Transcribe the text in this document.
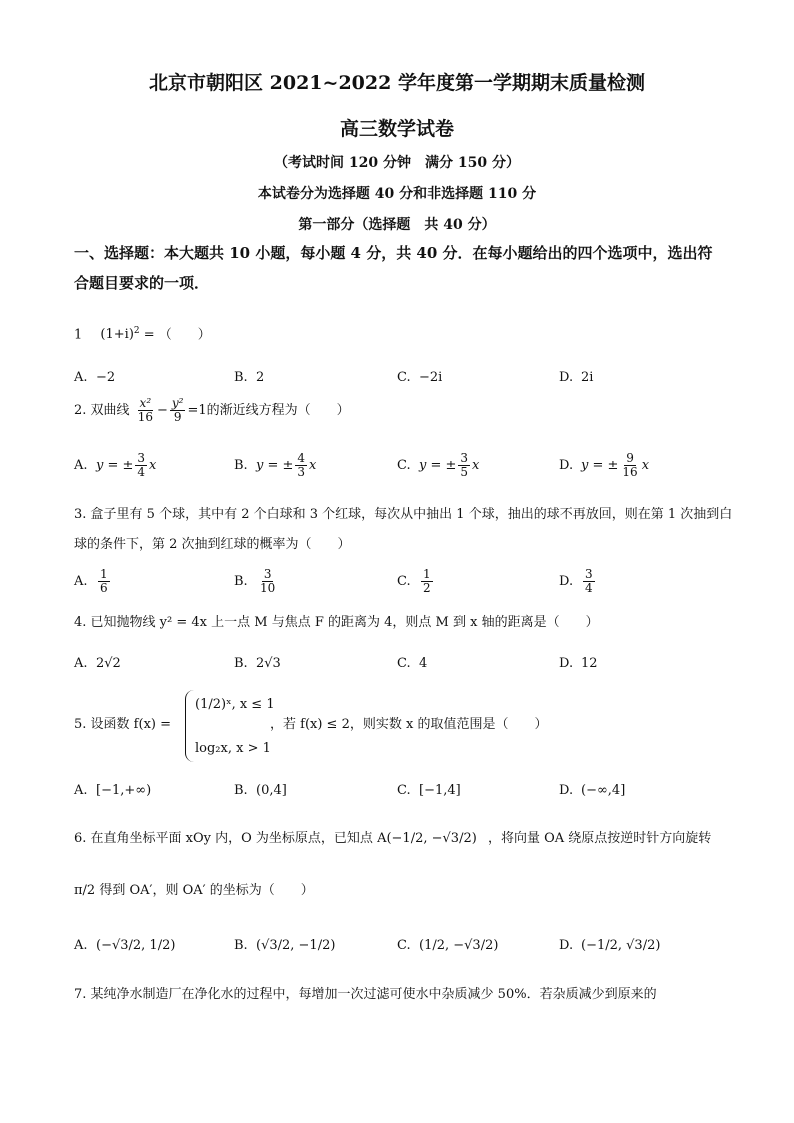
北京市朝阳区 2021~2022 学年度第一学期期末质量检测
高三数学试卷
（考试时间 120 分钟　满分 150 分）
本试卷分为选择题 40 分和非选择题 110 分
第一部分（选择题　共 40 分）
一、选择题：本大题共 10 小题，每小题 4 分，共 40 分．在每小题给出的四个选项中，选出符合题目要求的一项．
1 $(1+i)^2$ = （　　）
A. −2	B. 2	C. −2i	D. 2i
2. 双曲线 $\frac{\text{x²}}{16} - \frac{\text{y²}}{9} =1$的渐近线方程为（　　）
A. y = ± $\frac{3}{4}$ x	B. y = ± $\frac{4}{3}$ x	C. y = ± $\frac{3}{5}$ x	D. y = ± $\frac{9}{16}$ x
3. 盒子里有 5 个球，其中有 2 个白球和 3 个红球，每次从中抽出 1 个球，抽出的球不再放回，则在第 1 次抽到白球的条件下，第 2 次抽到红球的概率为（　　）
A. $\frac{1}{6}$	B. $\frac{3}{10}$	C. $\frac{1}{2}$	D. $\frac{3}{4}$
4. 已知抛物线 y² = 4x 上一点 M 与焦点 F 的距离为 4，则点 M 到 x 轴的距离是（　　）
A. 2√2	B. 2√3	C. 4	D. 12
5. 设函数 f(x) =
(1/2)ˣ, x ≤ 1
log₂x, x > 1
，若 f(x) ≤ 2，则实数 x 的取值范围是（　　）
A. [−1,+∞)	B. (0,4]	C. [−1,4]	D. (−∞,4]
6. 在直角坐标平面 xOy 内，O 为坐标原点，已知点 A(−1/2, −√3/2) ，将向量 OA 绕原点按逆时针方向旋转
π/2 得到 OA′，则 OA′ 的坐标为（　　）
A. (−√3/2, 1/2)	B. (√3/2, −1/2)	C. (1/2, −√3/2)	D. (−1/2, √3/2)
7. 某纯净水制造厂在净化水的过程中，每增加一次过滤可使水中杂质减少 50%．若杂质减少到原来的
